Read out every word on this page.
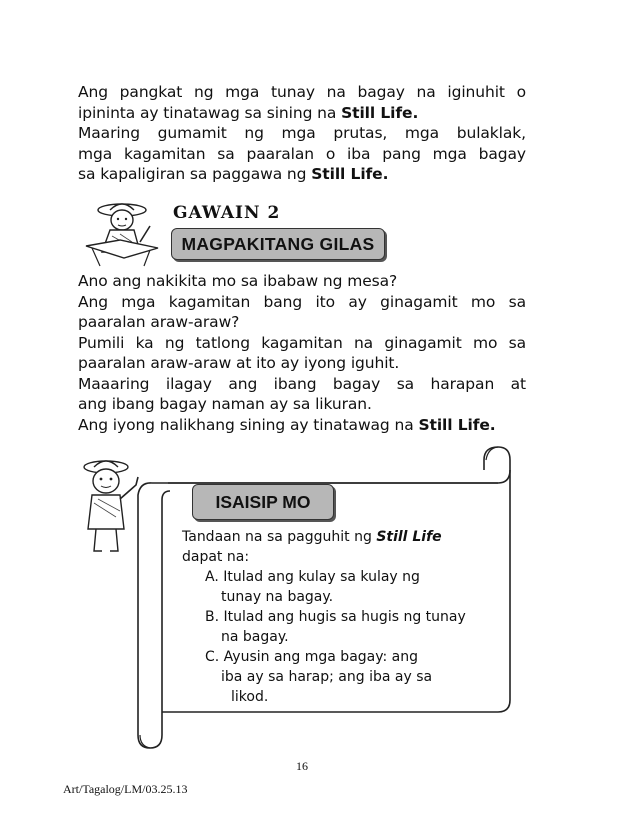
Ang pangkat ng mga tunay na bagay na iginuhit o
ipininta ay tinatawag sa sining na Still Life.
Maaring gumamit ng mga prutas, mga bulaklak,
mga kagamitan sa paaralan o iba pang mga bagay
sa kapaligiran sa paggawa ng Still Life.
GAWAIN 2
MAGPAKITANG GILAS
Ano ang nakikita mo sa ibabaw ng mesa?
Ang mga kagamitan bang ito ay ginagamit mo sa
paaralan araw-araw?
Pumili ka ng tatlong kagamitan na ginagamit mo sa
paaralan araw-araw at ito ay iyong iguhit.
Maaaring ilagay ang ibang bagay sa harapan at
ang ibang bagay naman ay sa likuran.
Ang iyong nalikhang sining ay tinatawag na Still Life.
ISAISIP MO
Tandaan na sa pagguhit ng Still Life
dapat na:
A. Itulad ang kulay sa kulay ng
tunay na bagay.
B. Itulad ang hugis sa hugis ng tunay
na bagay.
C. Ayusin ang mga bagay: ang
iba ay sa harap; ang iba ay sa
likod.
16
Art/Tagalog/LM/03.25.13
